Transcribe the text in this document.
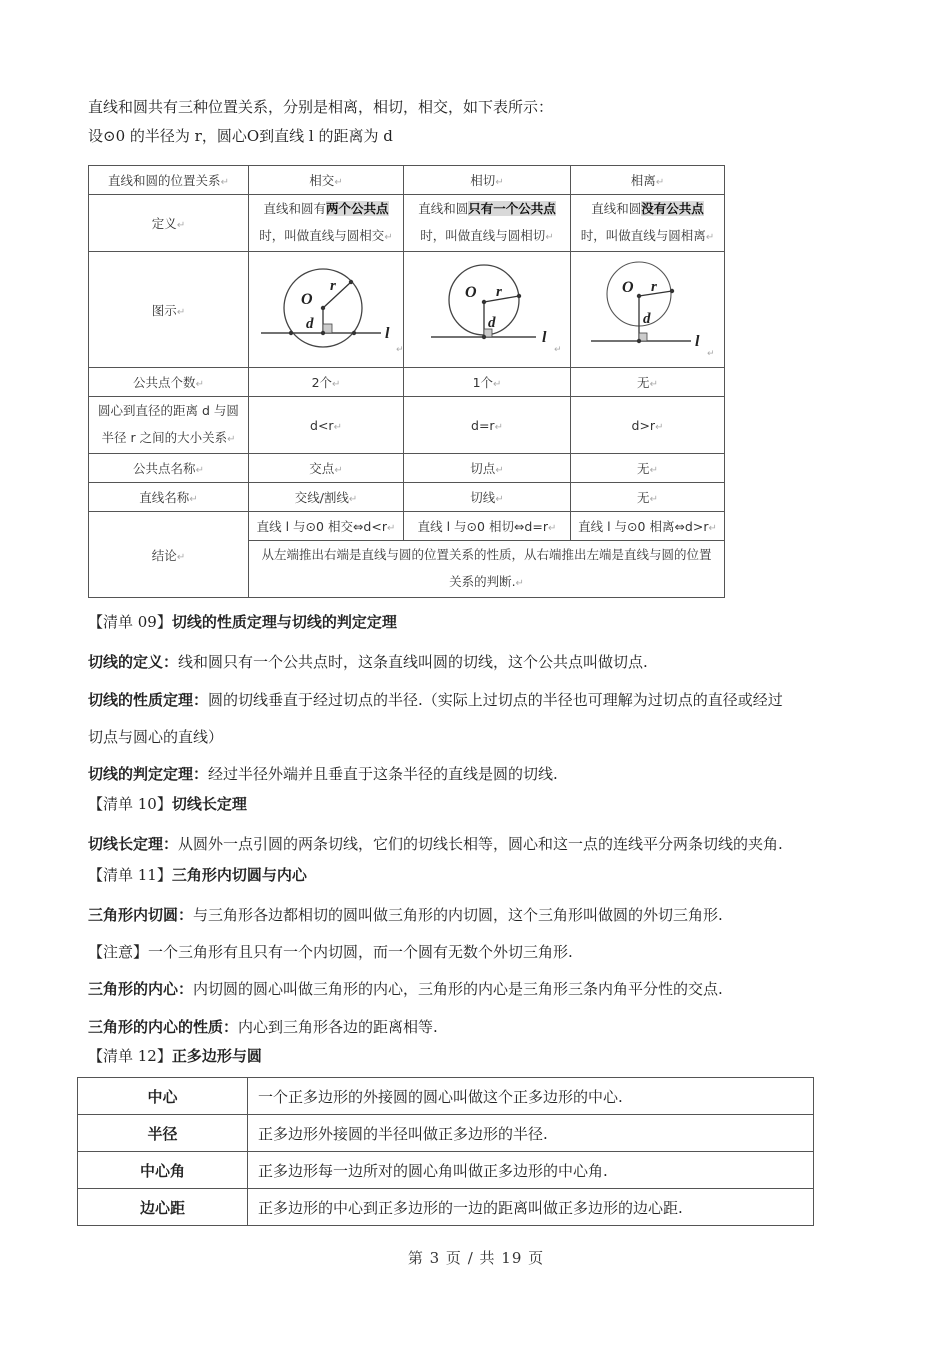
直线和圆共有三种位置关系，分别是相离，相切，相交，如下表所示：
设⊙0 的半径为 r，圆心O到直线 l 的距离为 d
直线和圆的位置关系↵	相交↵	相切↵	相离↵
定义↵	直线和圆有两个公共点
时，叫做直线与圆相交↵	直线和圆只有一个公共点
时，叫做直线与圆相切↵	直线和圆没有公共点
时，叫做直线与圆相离↵
图示↵	O
r
d
l
↵	O r
d
l
↵	O r
d
l
↵

公共点个数↵	2个↵	1个↵	无↵
圆心到直径的距离 d 与圆
半径 r 之间的大小关系↵	d<r↵	d=r↵	d>r↵
公共点名称↵	交点↵	切点↵	无↵
直线名称↵	交线/割线↵	切线↵	无↵
结论↵	直线 l 与⊙0 相交⇔d<r↵	直线 l 与⊙0 相切⇔d=r↵	直线 l 与⊙0 相离⇔d>r↵
	从左端推出右端是直线与圆的位置关系的性质，从右端推出左端是直线与圆的位置
关系的判断.↵		
【清单 09】切线的性质定理与切线的判定定理
切线的定义：线和圆只有一个公共点时，这条直线叫圆的切线，这个公共点叫做切点.
切线的性质定理：圆的切线垂直于经过切点的半径.（实际上过切点的半径也可理解为过切点的直径或经过
切点与圆心的直线）
切线的判定定理：经过半径外端并且垂直于这条半径的直线是圆的切线.
【清单 10】切线长定理
切线长定理：从圆外一点引圆的两条切线，它们的切线长相等，圆心和这一点的连线平分两条切线的夹角.
【清单 11】三角形内切圆与内心
三角形内切圆：与三角形各边都相切的圆叫做三角形的内切圆，这个三角形叫做圆的外切三角形.
【注意】一个三角形有且只有一个内切圆，而一个圆有无数个外切三角形.
三角形的内心：内切圆的圆心叫做三角形的内心，三角形的内心是三角形三条内角平分性的交点.
三角形的内心的性质：内心到三角形各边的距离相等.
【清单 12】正多边形与圆
中心	一个正多边形的外接圆的圆心叫做这个正多边形的中心.
半径	正多边形外接圆的半径叫做正多边形的半径.
中心角	正多边形每一边所对的圆心角叫做正多边形的中心角.
边心距	正多边形的中心到正多边形的一边的距离叫做正多边形的边心距.
第 3 页 / 共 19 页
